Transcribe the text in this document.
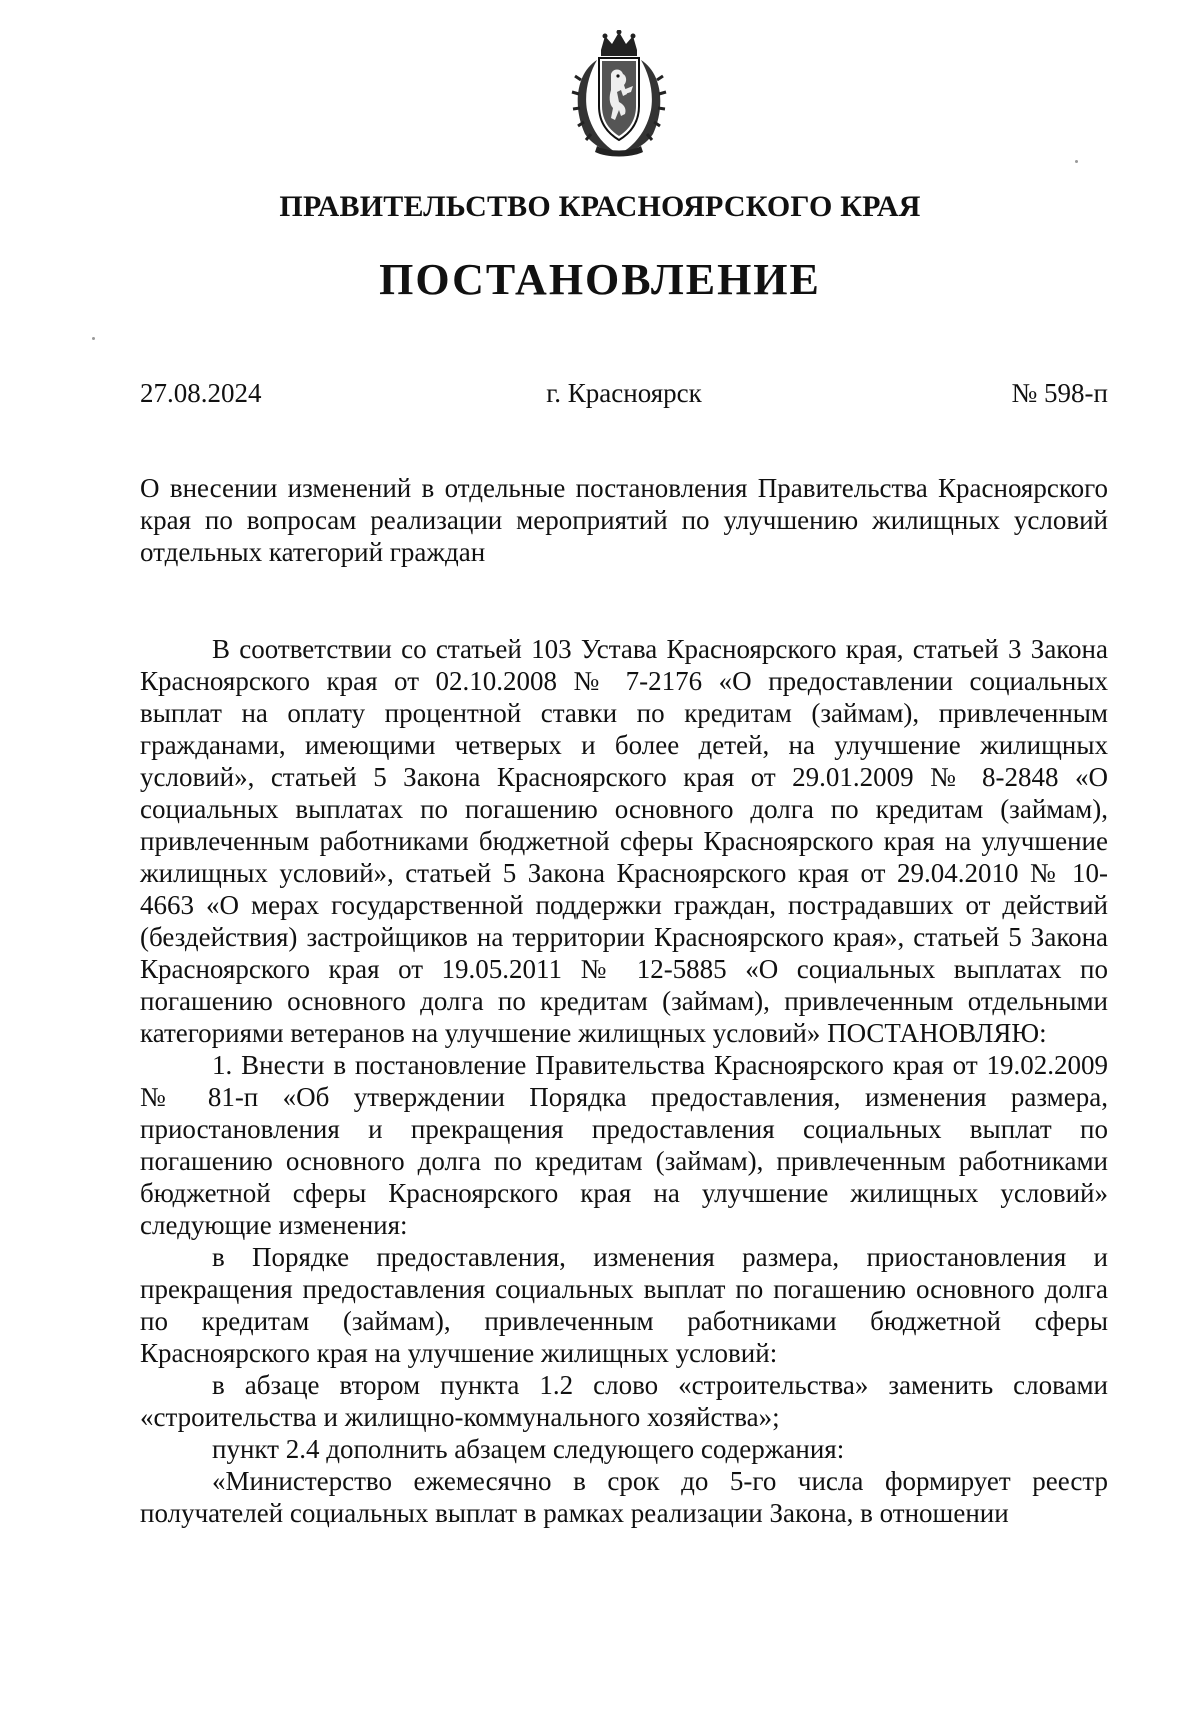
ПРАВИТЕЛЬСТВО КРАСНОЯРСКОГО КРАЯ
ПОСТАНОВЛЕНИЕ
27.08.2024	г. Красноярск	№ 598-п
О внесении изменений в отдельные постановления Правительства Красноярского края по вопросам реализации мероприятий по улучшению жилищных условий отдельных категорий граждан

В соответствии со статьей 103 Устава Красноярского края, статьей 3 Закона Красноярского края от 02.10.2008 № 7-2176 «О предоставлении социальных выплат на оплату процентной ставки по кредитам (займам), привлеченным гражданами, имеющими четверых и более детей, на улучшение жилищных условий», статьей 5 Закона Красноярского края от 29.01.2009 № 8-2848 «О социальных выплатах по погашению основного долга по кредитам (займам), привлеченным работниками бюджетной сферы Красноярского края на улучшение жилищных условий», статьей 5 Закона Красноярского края от 29.04.2010 № 10-4663 «О мерах государственной поддержки граждан, пострадавших от действий (бездействия) застройщиков на территории Красноярского края», статьей 5 Закона Красноярского края от 19.05.2011 № 12-5885 «О социальных выплатах по погашению основного долга по кредитам (займам), привлеченным отдельными категориями ветеранов на улучшение жилищных условий» ПОСТАНОВЛЯЮ:

1. Внести в постановление Правительства Красноярского края от 19.02.2009 № 81-п «Об утверждении Порядка предоставления, изменения размера, приостановления и прекращения предоставления социальных выплат по погашению основного долга по кредитам (займам), привлеченным работниками бюджетной сферы Красноярского края на улучшение жилищных условий» следующие изменения:

в Порядке предоставления, изменения размера, приостановления и прекращения предоставления социальных выплат по погашению основного долга по кредитам (займам), привлеченным работниками бюджетной сферы Красноярского края на улучшение жилищных условий:

в абзаце втором пункта 1.2 слово «строительства» заменить словами «строительства и жилищно-коммунального хозяйства»;

пункт 2.4 дополнить абзацем следующего содержания:

«Министерство ежемесячно в срок до 5-го числа формирует реестр получателей социальных выплат в рамках реализации Закона, в отношении
